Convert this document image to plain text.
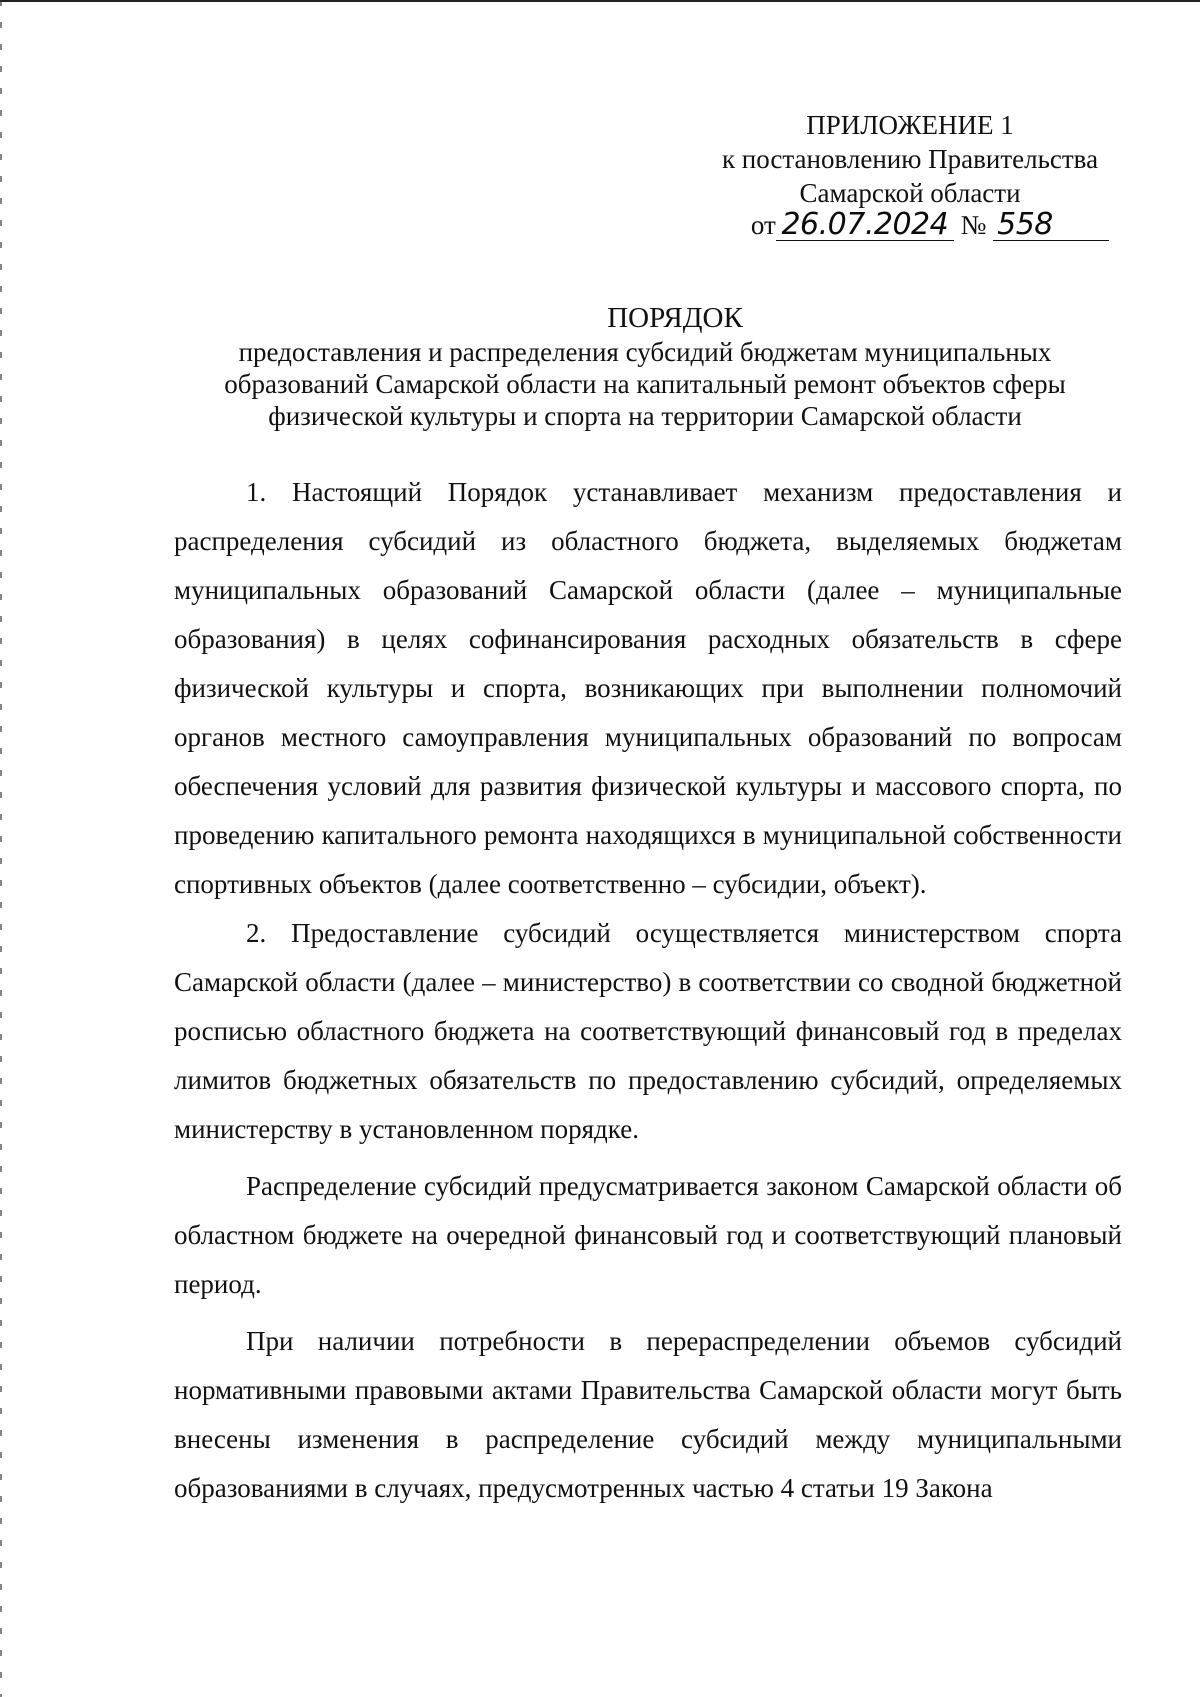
ПРИЛОЖЕНИЕ 1
к постановлению Правительства
Самарской области
от 26.07.2024 № 558
ПОРЯДОК
предоставления и распределения субсидий бюджетам муниципальных
образований Самарской области на капитальный ремонт объектов сферы
физической культуры и спорта на территории Самарской области

1. Настоящий Порядок устанавливает механизм предоставления и распределения субсидий из областного бюджета, выделяемых бюджетам муниципальных образований Самарской области (далее – муниципальные образования) в целях софинансирования расходных обязательств в сфере физической культуры и спорта, возникающих при выполнении полномочий органов местного самоуправления муниципальных образований по вопросам обеспечения условий для развития физической культуры и массового спорта, по проведению капитального ремонта находящихся в муниципальной собственности спортивных объектов (далее соответственно – субсидии, объект).

2. Предоставление субсидий осуществляется министерством спорта Самарской области (далее – министерство) в соответствии со сводной бюджетной росписью областного бюджета на соответствующий финансовый год в пределах лимитов бюджетных обязательств по предоставлению субсидий, определяемых министерству в установленном порядке.

Распределение субсидий предусматривается законом Самарской области об областном бюджете на очередной финансовый год и соответствующий плановый период.

При наличии потребности в перераспределении объемов субсидий нормативными правовыми актами Правительства Самарской области могут быть внесены изменения в распределение субсидий между муниципальными образованиями в случаях, предусмотренных частью 4 статьи 19 Закона
